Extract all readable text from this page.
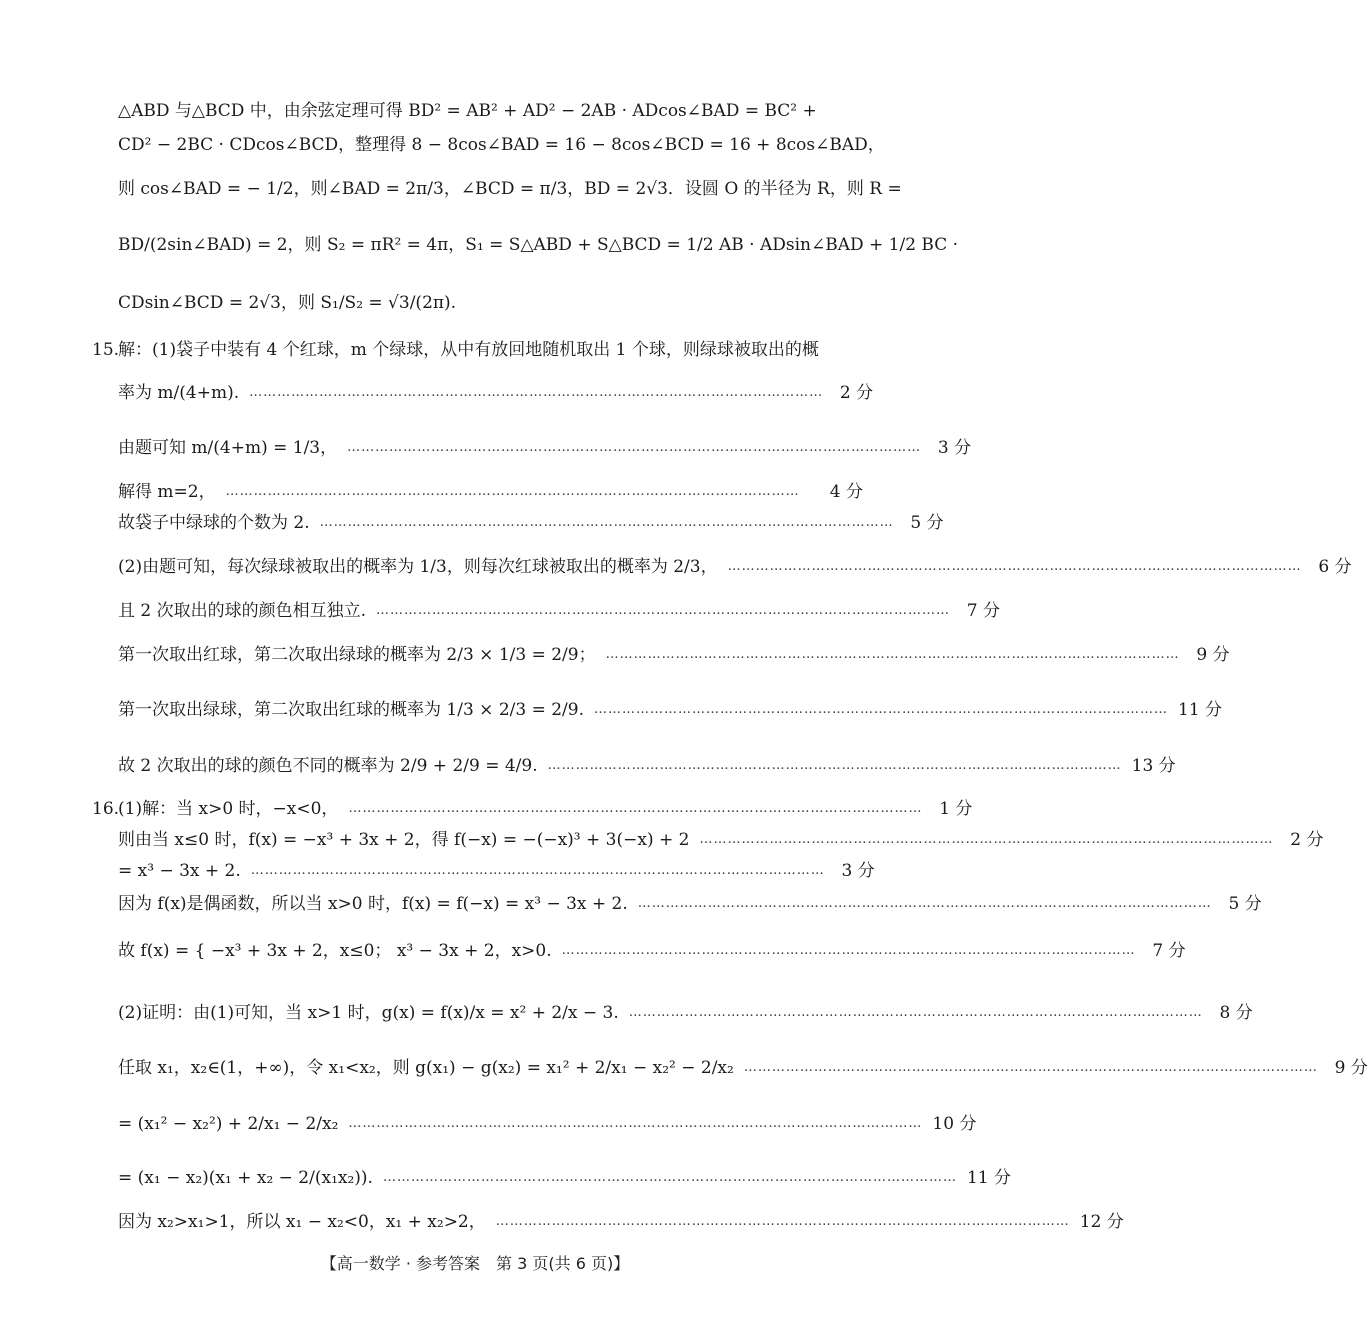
△ABD 与△BCD 中，由余弦定理可得 BD² = AB² + AD² − 2AB · ADcos∠BAD = BC² +
CD² − 2BC · CDcos∠BCD，整理得 8 − 8cos∠BAD = 16 − 8cos∠BCD = 16 + 8cos∠BAD，
则 cos∠BAD = − 1/2，则∠BAD = 2π/3，∠BCD = π/3，BD = 2√3．设圆 O 的半径为 R，则 R =
BD/(2sin∠BAD) = 2，则 S₂ = πR² = 4π，S₁ = S△ABD + S△BCD = 1/2 AB · ADsin∠BAD + 1/2 BC ·
CDsin∠BCD = 2√3，则 S₁/S₂ = √3/(2π).
15.
解：(1)袋子中装有 4 个红球，m 个绿球，从中有放回地随机取出 1 个球，则绿球被取出的概
率为 m/(4+m). …………………………………………………………………………………………………………… 2 分
由题可知 m/(4+m) = 1/3， …………………………………………………………………………………………………………… 3 分
解得 m=2， ……………………………………………………………………………………………………………	4 分
故袋子中绿球的个数为 2. …………………………………………………………………………………………………………… 5 分
(2)由题可知，每次绿球被取出的概率为 1/3，则每次红球被取出的概率为 2/3， …………………………………………………………………………………………………………… 6 分
且 2 次取出的球的颜色相互独立. …………………………………………………………………………………………………………… 7 分
第一次取出红球，第二次取出绿球的概率为 2/3 × 1/3 = 2/9； …………………………………………………………………………………………………………… 9 分
第一次取出绿球，第二次取出红球的概率为 1/3 × 2/3 = 2/9. …………………………………………………………………………………………………………… 11 分
故 2 次取出的球的颜色不同的概率为 2/9 + 2/9 = 4/9. …………………………………………………………………………………………………………… 13 分
16.
(1)解：当 x>0 时，−x<0， …………………………………………………………………………………………………………… 1 分
则由当 x≤0 时，f(x) = −x³ + 3x + 2，得 f(−x) = −(−x)³ + 3(−x) + 2 …………………………………………………………………………………………………………… 2 分
= x³ − 3x + 2. …………………………………………………………………………………………………………… 3 分
因为 f(x)是偶函数，所以当 x>0 时，f(x) = f(−x) = x³ − 3x + 2. …………………………………………………………………………………………………………… 5 分
故 f(x) = { −x³ + 3x + 2，x≤0； x³ − 3x + 2，x>0. …………………………………………………………………………………………………………… 7 分
(2)证明：由(1)可知，当 x>1 时，g(x) = f(x)/x = x² + 2/x − 3. …………………………………………………………………………………………………………… 8 分
任取 x₁，x₂∈(1，+∞)，令 x₁<x₂，则 g(x₁) − g(x₂) = x₁² + 2/x₁ − x₂² − 2/x₂ …………………………………………………………………………………………………………… 9 分
= (x₁² − x₂²) + 2/x₁ − 2/x₂ …………………………………………………………………………………………………………… 10 分
= (x₁ − x₂)(x₁ + x₂ − 2/(x₁x₂)). …………………………………………………………………………………………………………… 11 分
因为 x₂>x₁>1，所以 x₁ − x₂<0，x₁ + x₂>2， …………………………………………………………………………………………………………… 12 分
【高一数学 · 参考答案　第 3 页(共 6 页)】
